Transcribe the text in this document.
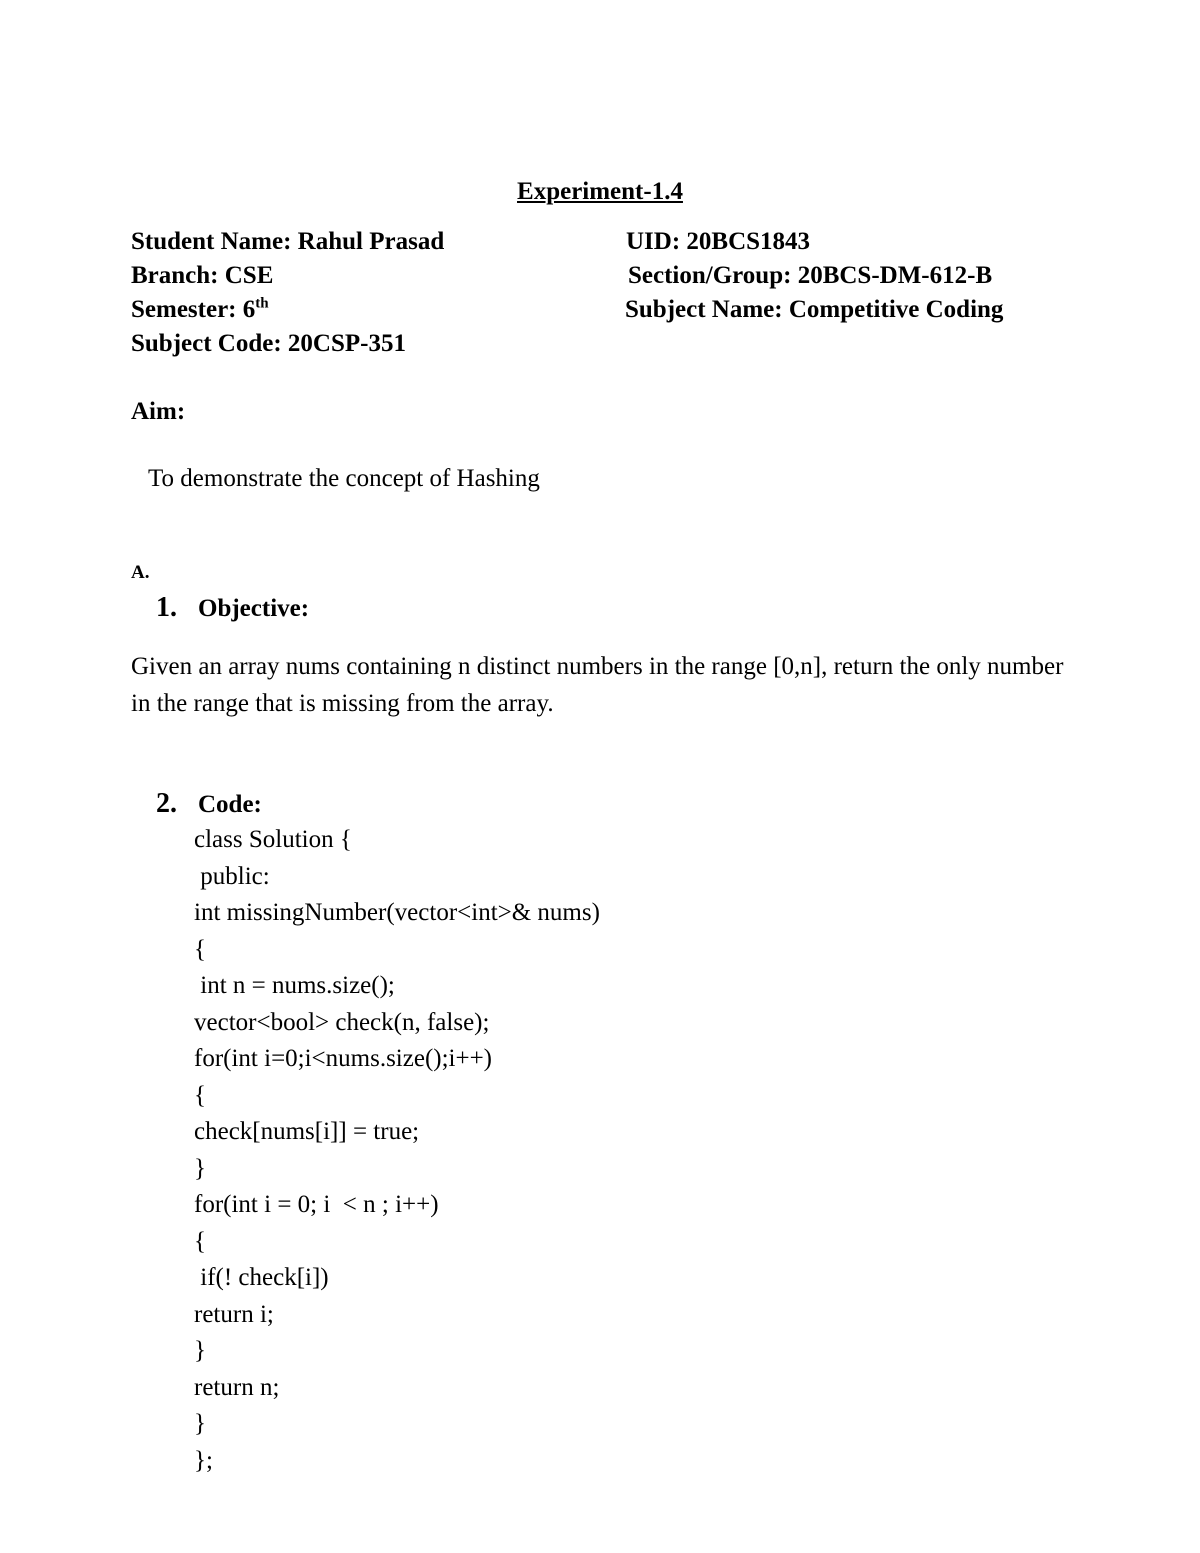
Experiment-1.4
Student Name: Rahul Prasad	UID: 20BCS1843
Branch: CSE	Section/Group: 20BCS-DM-612-B
Semester: 6th	Subject Name: Competitive Coding
Subject Code: 20CSP-351
Aim:
To demonstrate the concept of Hashing
A.
1. Objective:
Given an array nums containing n distinct numbers in the range [0,n], return the only number in the range that is missing from the array.
2. Code:
class Solution {
public:
int missingNumber(vector<int>& nums)
{
int n = nums.size();
vector<bool> check(n, false);
for(int i=0;i<nums.size();i++)
{
check[nums[i]] = true;
}
for(int i = 0; i  < n ; i++)
{
if(! check[i])
return i;
}
return n;
}
};
